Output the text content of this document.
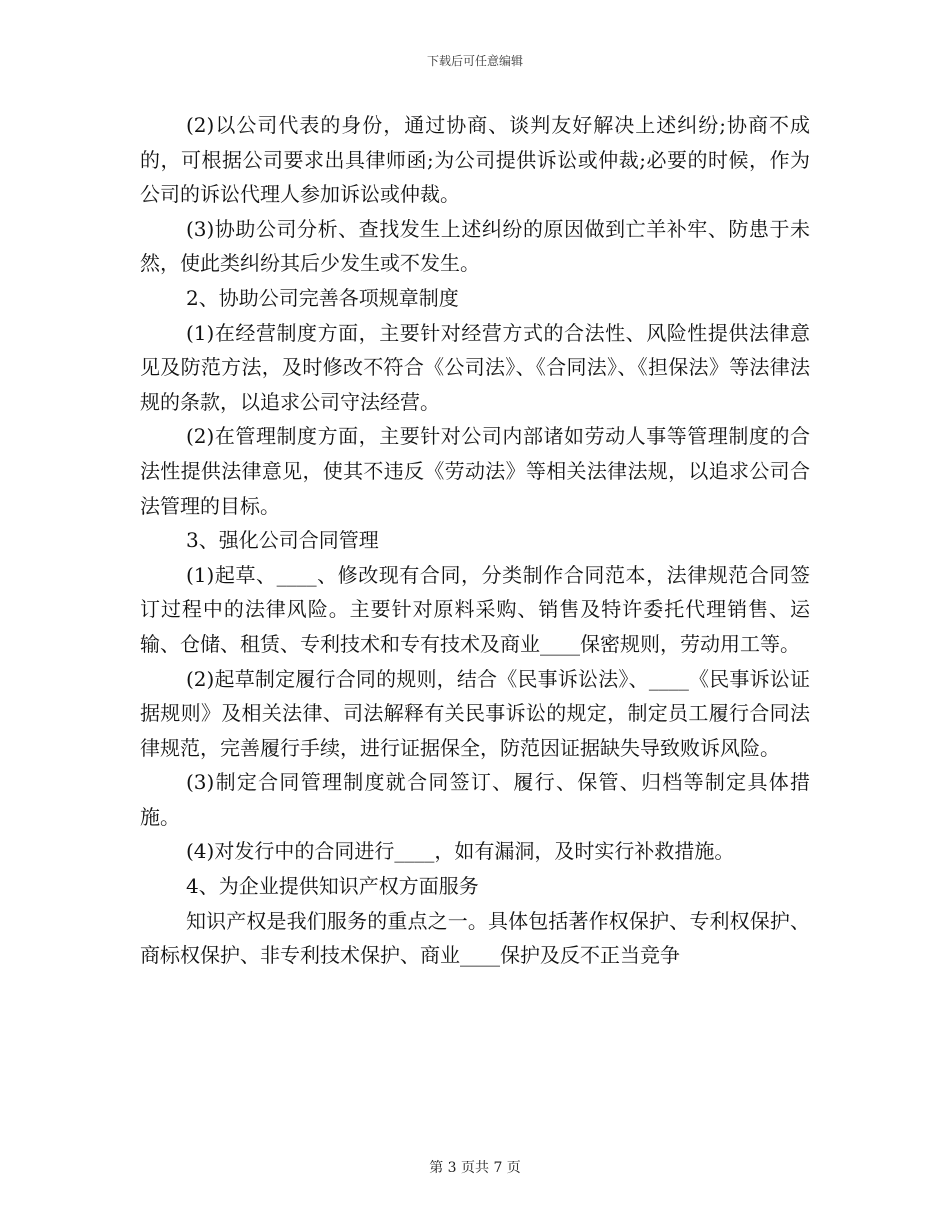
下载后可任意编辑

(2)以公司代表的身份，通过协商、谈判友好解决上述纠纷;协商不成的，可根据公司要求出具律师函;为公司提供诉讼或仲裁;必要的时候，作为公司的诉讼代理人参加诉讼或仲裁。

(3)协助公司分析、查找发生上述纠纷的原因做到亡羊补牢、防患于未然，使此类纠纷其后少发生或不发生。

2、协助公司完善各项规章制度

(1)在经营制度方面，主要针对经营方式的合法性、风险性提供法律意见及防范方法，及时修改不符合《公司法》、《合同法》、《担保法》等法律法规的条款，以追求公司守法经营。

(2)在管理制度方面，主要针对公司内部诸如劳动人事等管理制度的合法性提供法律意见，使其不违反《劳动法》等相关法律法规，以追求公司合法管理的目标。

3、强化公司合同管理

(1)起草、____、修改现有合同，分类制作合同范本，法律规范合同签订过程中的法律风险。主要针对原料采购、销售及特许委托代理销售、运输、仓储、租赁、专利技术和专有技术及商业____保密规则，劳动用工等。

(2)起草制定履行合同的规则，结合《民事诉讼法》、____《民事诉讼证据规则》及相关法律、司法解释有关民事诉讼的规定，制定员工履行合同法律规范，完善履行手续，进行证据保全，防范因证据缺失导致败诉风险。

(3)制定合同管理制度就合同签订、履行、保管、归档等制定具体措施。

(4)对发行中的合同进行____，如有漏洞，及时实行补救措施。

4、为企业提供知识产权方面服务

知识产权是我们服务的重点之一。具体包括著作权保护、专利权保护、商标权保护、非专利技术保护、商业____保护及反不正当竞争

第 3 页共 7 页
